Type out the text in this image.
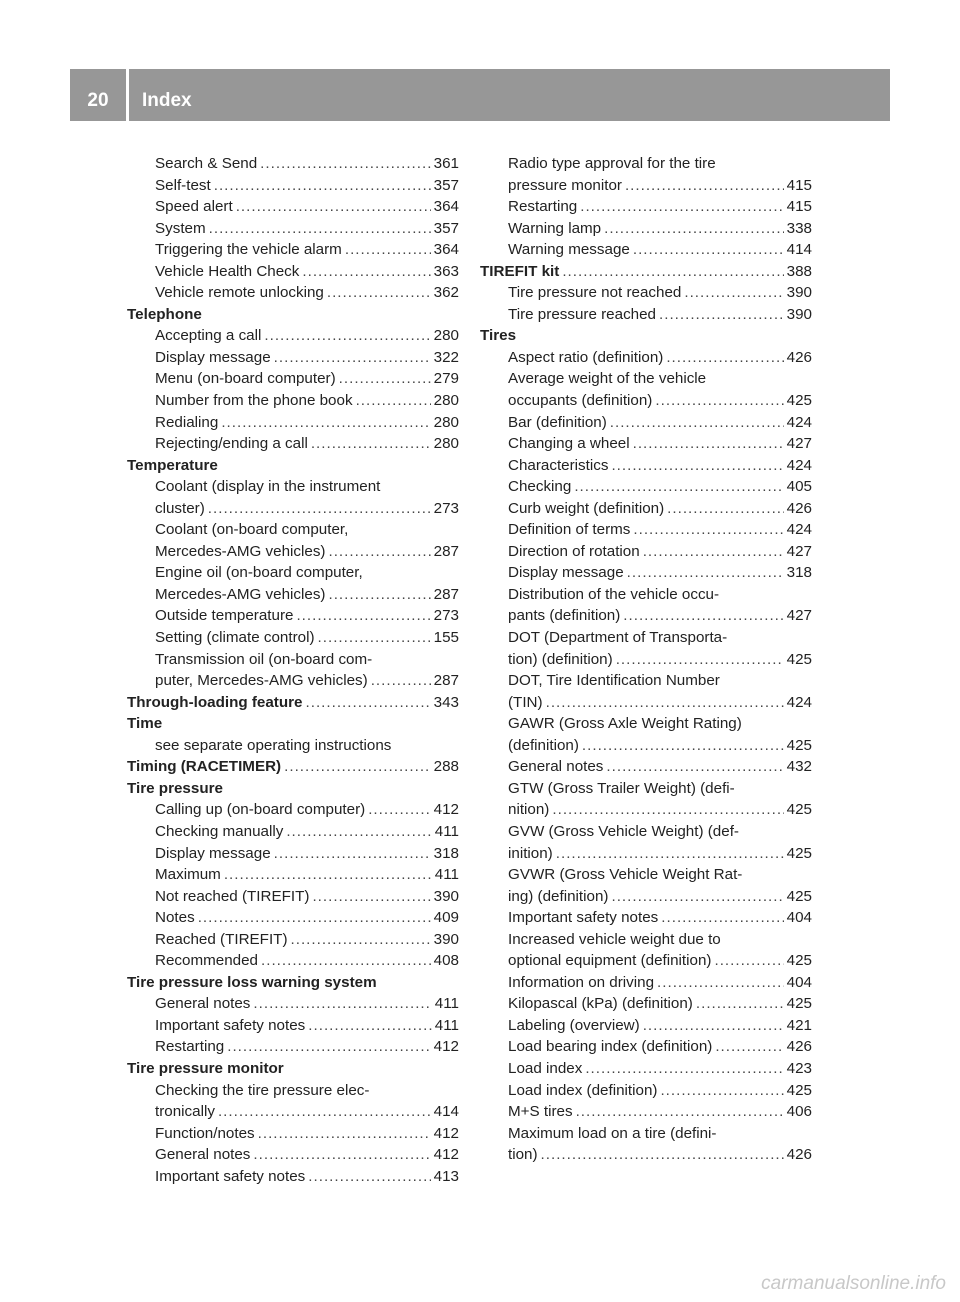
20	Index
Search & Send .....	361
Self-test .....	357
Speed alert .....	364
System .....	357
Triggering the vehicle alarm .....	364
Vehicle Health Check .....	363
Vehicle remote unlocking .....	362
Telephone
Accepting a call .....	280
Display message .....	322
Menu (on-board computer) .....	279
Number from the phone book .....	280
Redialing .....	280
Rejecting/ending a call .....	280
Temperature
Coolant (display in the instrument
cluster) .....	273
Coolant (on-board computer,
Mercedes-AMG vehicles) .....	287
Engine oil (on-board computer,
Mercedes-AMG vehicles) .....	287
Outside temperature .....	273
Setting (climate control) .....	155
Transmission oil (on-board com-
puter, Mercedes-AMG vehicles) .....	287
Through-loading feature .....	343
Time
see separate operating instructions
Timing (RACETIMER) .....	288
Tire pressure
Calling up (on-board computer) .....	412
Checking manually .....	411
Display message .....	318
Maximum .....	411
Not reached (TIREFIT) .....	390
Notes .....	409
Reached (TIREFIT) .....	390
Recommended .....	408
Tire pressure loss warning system
General notes .....	411
Important safety notes .....	411
Restarting .....	412
Tire pressure monitor
Checking the tire pressure elec-
tronically .....	414
Function/notes .....	412
General notes .....	412
Important safety notes .....	413
Radio type approval for the tire
pressure monitor .....	415
Restarting .....	415
Warning lamp .....	338
Warning message .....	414
TIREFIT kit .....	388
Tire pressure not reached .....	390
Tire pressure reached .....	390
Tires
Aspect ratio (definition) .....	426
Average weight of the vehicle
occupants (definition) .....	425
Bar (definition) .....	424
Changing a wheel .....	427
Characteristics .....	424
Checking .....	405
Curb weight (definition) .....	426
Definition of terms .....	424
Direction of rotation .....	427
Display message .....	318
Distribution of the vehicle occu-
pants (definition) .....	427
DOT (Department of Transporta-
tion) (definition) .....	425
DOT, Tire Identification Number
(TIN) .....	424
GAWR (Gross Axle Weight Rating)
(definition) .....	425
General notes .....	432
GTW (Gross Trailer Weight) (defi-
nition) .....	425
GVW (Gross Vehicle Weight) (def-
inition) .....	425
GVWR (Gross Vehicle Weight Rat-
ing) (definition) .....	425
Important safety notes .....	404
Increased vehicle weight due to
optional equipment (definition) .....	425
Information on driving .....	404
Kilopascal (kPa) (definition) .....	425
Labeling (overview) .....	421
Load bearing index (definition) .....	426
Load index .....	423
Load index (definition) .....	425
M+S tires .....	406
Maximum load on a tire (defini-
tion) .....	426
carmanualsonline.info
